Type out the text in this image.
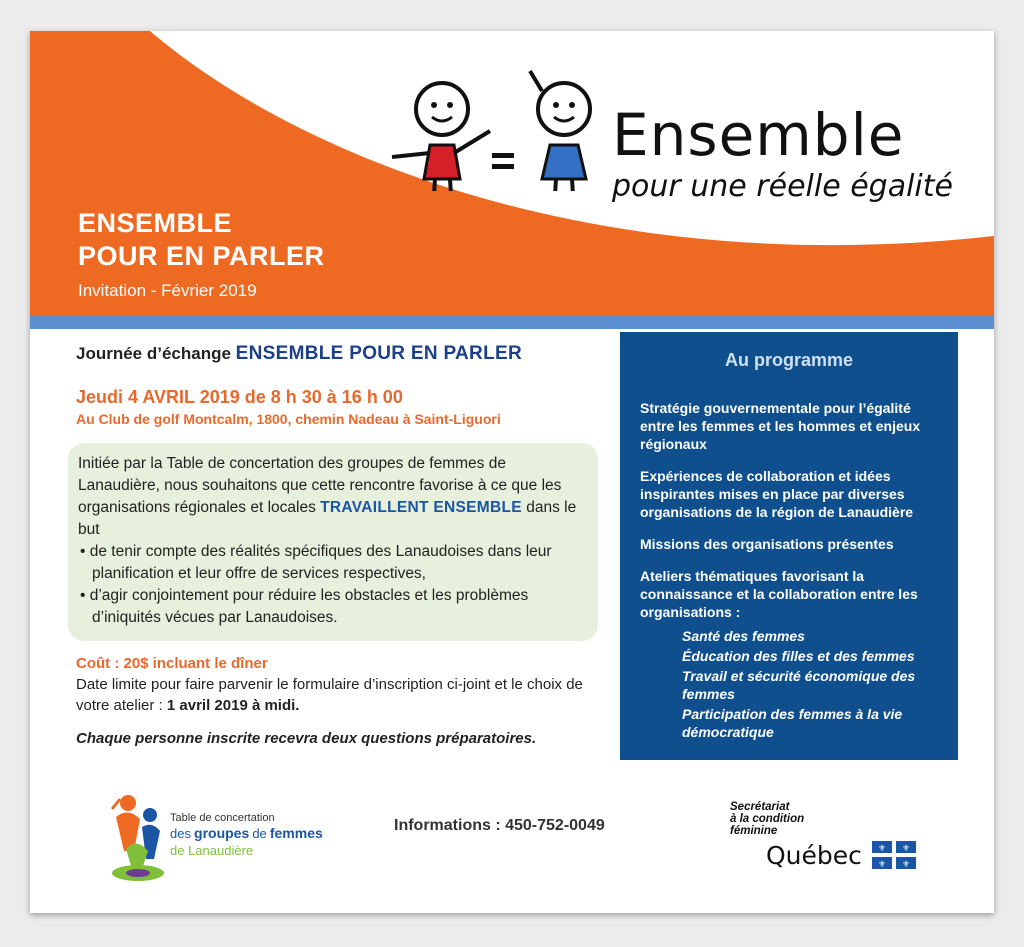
ENSEMBLE
POUR EN PARLER
Invitation - Février 2019
Ensemble
pour une réelle égalité

Journée d’échange ENSEMBLE POUR EN PARLER

Jeudi 4 AVRIL 2019 de 8 h 30 à 16 h 00

Au Club de golf Montcalm, 1800, chemin Nadeau à Saint-Liguori

Initiée par la Table de concertation des groupes de femmes de Lanaudière, nous souhaitons que cette rencontre favorise à ce que les organisations régionales et locales TRAVAILLENT ENSEMBLE dans le but
• de tenir compte des réalités spécifiques des Lanaudoises dans leur planification et leur offre de services respectives,
• d’agir conjointement pour réduire les obstacles et les problèmes d’iniquités vécues par Lanaudoises.

Coût : 20$ incluant le dîner

Date limite pour faire parvenir le formulaire d’inscription ci-joint et le choix de votre atelier : 1 avril 2019 à midi.

Chaque personne inscrite recevra deux questions préparatoires.

Au programme

Stratégie gouvernementale pour l’égalité entre les femmes et les hommes et enjeux régionaux

Expériences de collaboration et idées inspirantes mises en place par diverses organisations de la région de Lanaudière

Missions des organisations présentes

Ateliers thématiques favorisant la connaissance et la collaboration entre les organisations :

Santé des femmes
Éducation des filles et des femmes
Travail et sécurité économique des femmes
Participation des femmes à la vie démocratique
Table de concertation
des groupes de femmes
de Lanaudière
Informations : 450-752-0049
Secrétariat
à la condition
féminine
Québec ⚜ ⚜
⚜ ⚜
